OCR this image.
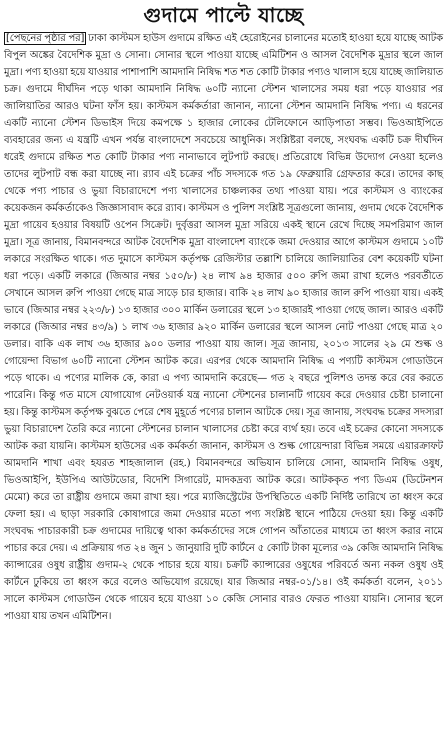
গুদামে পাল্টে যাচ্ছে

[পেছনের পৃষ্ঠার পর] ঢাকা কাস্টমস হাউস গুদামে রক্ষিত এই হেরোইনের চালানের মতোই হাওয়া হয়ে যাচ্ছে আটক বিপুল অঙ্কের বৈদেশিক মুদ্রা ও সোনা। সোনার স্থলে পাওয়া যাচ্ছে এমিটিশন ও আসল বৈদেশিক মুদ্রার স্থলে জাল মুদ্রা। পণ্য হাওয়া হয়ে যাওয়ার পাশাপাশি আমদানি নিষিদ্ধ শত শত কোটি টাকার পণ্যও খালাস হয়ে যাচ্ছে জালিয়াত চক্র। গুদামে দীর্ঘদিন পড়ে থাকা আমদানি নিষিদ্ধ ৬০টি ন্যানো স্টেশন খালাসের সময় ধরা পড়ে যাওয়ার পর জালিয়াতির আরও ঘটনা ফাঁস হয়। কাস্টমস কর্মকর্তারা জানান, ন্যানো স্টেশন আমদানি নিষিদ্ধ পণ্য। এ ধরনের একটি ন্যানো স্টেশন ডিভাইস দিয়ে কমপক্ষে ১ হাজার লোকের টেলিফোনে আড়িপাতা সম্ভব। ভিওআইপিতে ব্যবহারের জন্য এ যন্ত্রটি এখন পর্যন্ত বাংলাদেশে সবচেয়ে আধুনিক। সংশ্লিষ্টরা বলছে, সংঘবদ্ধ একটি চক্র দীর্ঘদিন ধরেই গুদামে রক্ষিত শত কোটি টাকার পণ্য নানাভাবে লুটপাট করছে। প্রতিরোধে বিভিন্ন উদ্যোগ নেওয়া হলেও তাদের লুটপাট বন্ধ করা যাচ্ছে না। র‌্যাব এই চক্রের পাঁচ সদস্যকে গত ১৯ ফেব্রুয়ারি গ্রেফতার করে। তাদের কাছ থেকে পণ্য পাচার ও ভুয়া বিচারাদেশে পণ্য খালাসের চাঞ্চল্যকর তথ্য পাওয়া যায়। পরে কাস্টমস ও ব্যাংকের কয়েকজন কর্মকর্তাকেও জিজ্ঞাসাবাদ করে র‌্যাব। কাস্টমস ও পুলিশ সংশ্লিষ্ট সূত্রগুলো জানায়, গুদাম থেকে বৈদেশিক মুদ্রা গায়েব হওয়ার বিষয়টি ওপেন সিক্রেট। দুর্বৃত্তরা আসল মুদ্রা সরিয়ে একই স্থানে রেখে দিচ্ছে সমপরিমাণ জাল মুদ্রা। সূত্র জানায়, বিমানবন্দরে আটক বৈদেশিক মুদ্রা বাংলাদেশ ব্যাংকে জমা দেওয়ার আগে কাস্টমস গুদামে ১০টি লকারে সংরক্ষিত থাকে। গত দুমাসে কাস্টমস কর্তৃপক্ষ রেজিস্টার তল্লাশি চালিয়ে জালিয়াতির বেশ কয়েকটি ঘটনা ধরা পড়ে। একটি লকারে (জিআর নম্বর ১৫০/৮) ২৪ লাখ ৯৪ হাজার ৫০০ রুপি জমা রাখা হলেও পরবর্তীতে সেখানে আসল রুপি পাওয়া গেছে মাত্র সাড়ে চার হাজার। বাকি ২৪ লাখ ৯০ হাজার জাল রুপি পাওয়া যায়। একই ভাবে (জিআর নম্বর ২২৩/৮) ১৩ হাজার ৩০০ মার্কিন ডলারের স্থলে ১৩ হাজারই পাওয়া গেছে জাল। আরও একটি লকারে (জিআর নম্বর ৪৩/৯) ১ লাখ ৩৬ হাজার ৯২০ মার্কিন ডলারের স্থলে আসল নোট পাওয়া গেছে মাত্র ২০ ডলার। বাকি এক লাখ ৩৬ হাজার ৯০০ ডলার পাওয়া যায় জাল। সূত্র জানায়, ২০১৩ সালের ২৯ মে শুল্ক ও গোয়েন্দা বিভাগ ৬০টি ন্যানো স্টেশন আটক করে। এরপর থেকে আমদানি নিষিদ্ধ এ পণ্যটি কাস্টমস গোডাউনে পড়ে থাকে। এ পণ্যের মালিক কে, কারা এ পণ্য আমদানি করেছে— গত ২ বছরে পুলিশও তদন্ত করে বের করতে পারেনি। কিন্তু গত মাসে যোগাযোগ নেটওয়ার্ক যন্ত্র ন্যানো স্টেশনের চালানটি গায়েব করে দেওয়ার চেষ্টা চালানো হয়। কিন্তু কাস্টমস কর্তৃপক্ষ বুঝতে পেরে শেষ মুহূর্তে পণ্যের চালান আটকে দেয়। সূত্র জানায়, সংঘবদ্ধ চক্রের সদস্যরা ভুয়া বিচারাদেশ তৈরি করে ন্যানো স্টেশনের চালান খালাসের চেষ্টা করে ব্যর্থ হয়। তবে এই চক্রের কোনো সদস্যকে আটক করা যায়নি। কাস্টমস হাউসের এক কর্মকর্তা জানান, কাস্টমস ও শুল্ক গোয়েন্দারা বিভিন্ন সময়ে এয়ারক্রাফট আমদানি শাখা এবং হযরত শাহজালাল (রহ.) বিমানবন্দরে অভিযান চালিয়ে সোনা, আমদানি নিষিদ্ধ ওষুধ, ভিওআইপি, ইউপিএ আউটডোর, বিদেশি সিগারেট, মাদকদ্রব্য আটক করে। আটককৃত পণ্য ডিএম (ডিটেনশন মেমো) করে তা রাষ্ট্রীয় গুদামে জমা রাখা হয়। পরে ম্যাজিস্ট্রেটের উপস্থিতিতে একটি নির্দিষ্ট তারিখে তা ধ্বংস করে ফেলা হয়। এ ছাড়া সরকারি কোষাগারে জমা দেওয়ার মতো পণ্য সংশ্লিষ্ট স্থানে পাঠিয়ে দেওয়া হয়। কিন্তু একটি সংঘবদ্ধ পাচারকারী চক্র গুদামের দায়িত্বে থাকা কর্মকর্তাদের সঙ্গে গোপন আঁতাতের মাধ্যমে তা ধ্বংস করার নামে পাচার করে দেয়। এ প্রক্রিয়ায় গত ২৪ জুন ১ জানুয়ারি দুটি কার্টনে ৫ কোটি টাকা মূল্যের ৩৯ কেজি আমদানি নিষিদ্ধ ক্যান্সারের ওষুধ রাষ্ট্রীয় গুদাম-২ থেকে পাচার হয়ে যায়। চক্রটি ক্যান্সারের ওষুধের পরিবর্তে অন্য নকল ওষুধ ওই কার্টনে ঢুকিয়ে তা ধ্বংস করে বলেও অভিযোগ রয়েছে। যার জিআর নম্বর-০১/১৪। ওই কর্মকর্তা বলেন, ২০১১ সালে কাস্টমস গোডাউন থেকে গায়েব হয়ে যাওয়া ১০ কেজি সোনার বারও ফেরত পাওয়া যায়নি। সোনার স্থলে পাওয়া যায় তখন এমিটিশন।
